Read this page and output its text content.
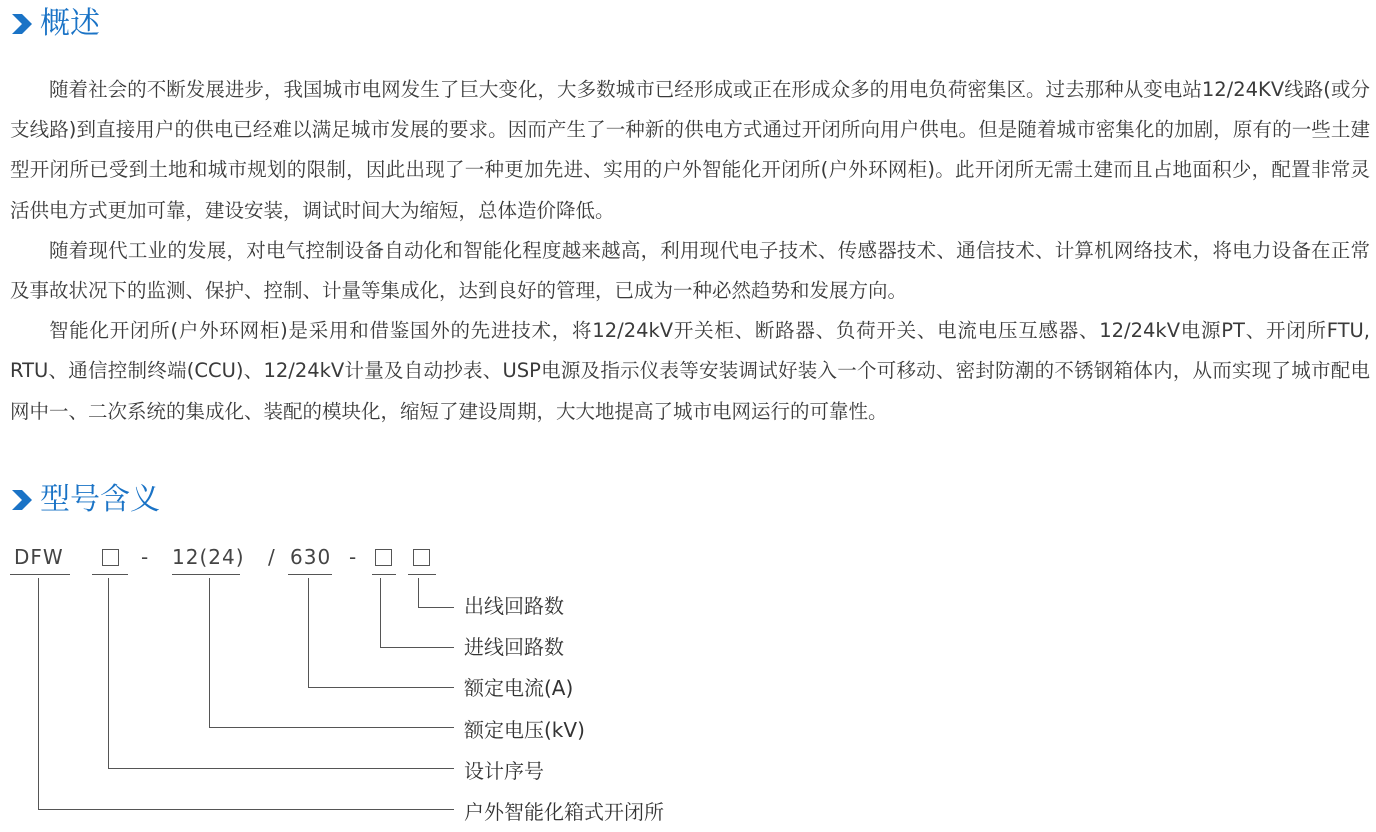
概述

随着社会的不断发展进步，我国城市电网发生了巨大变化，大多数城市已经形成或正在形成众多的用电负荷密集区。过去那种从变电站12/24KV线路(或分支线路)到直接用户的供电已经难以满足城市发展的要求。因而产生了一种新的供电方式通过开闭所向用户供电。但是随着城市密集化的加剧，原有的一些土建型开闭所已受到土地和城市规划的限制，因此出现了一种更加先进、实用的户外智能化开闭所(户外环网柜)。此开闭所无需土建而且占地面积少，配置非常灵活供电方式更加可靠，建设安装，调试时间大为缩短，总体造价降低。

随着现代工业的发展，对电气控制设备自动化和智能化程度越来越高，利用现代电子技术、传感器技术、通信技术、计算机网络技术，将电力设备在正常及事故状况下的监测、保护、控制、计量等集成化，达到良好的管理，已成为一种必然趋势和发展方向。

智能化开闭所(户外环网柜)是采用和借鉴国外的先进技术，将12/24kV开关柜、断路器、负荷开关、电流电压互感器、12/24kV电源PT、开闭所FTU, RTU、通信控制终端(CCU)、12/24kV计量及自动抄表、USP电源及指示仪表等安装调试好装入一个可移动、密封防潮的不锈钢箱体内，从而实现了城市配电网中一、二次系统的集成化、装配的模块化，缩短了建设周期，大大地提高了城市电网运行的可靠性。

型号含义
DFW	- 12(24) / 630 -
出线回路数
进线回路数
额定电流(A)
额定电压(kV)
设计序号
户外智能化箱式开闭所
